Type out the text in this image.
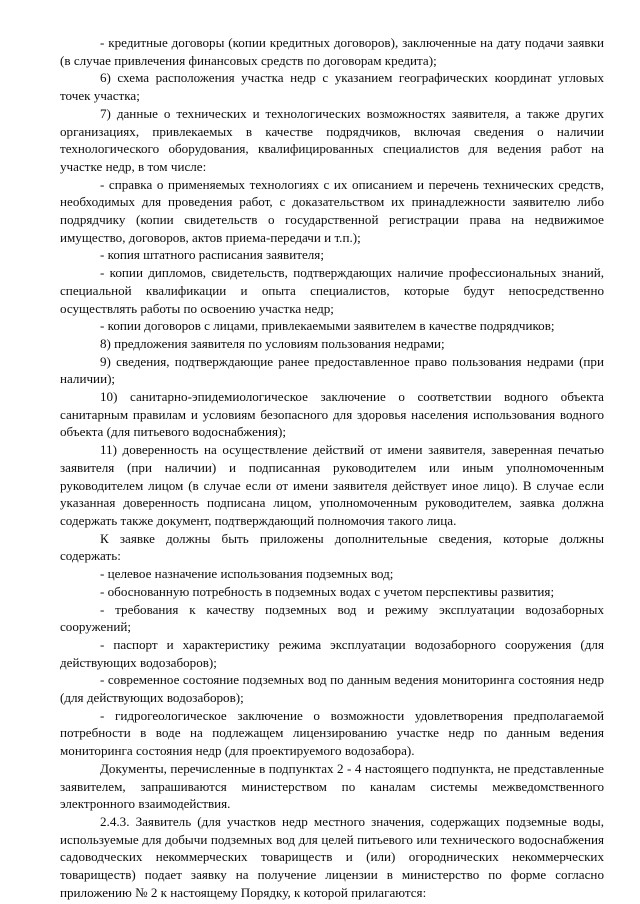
- кредитные договоры (копии кредитных договоров), заключенные на дату подачи заявки (в случае привлечения финансовых средств по договорам кредита);

6) схема расположения участка недр с указанием географических координат угловых точек участка;

7) данные о технических и технологических возможностях заявителя, а также других организациях, привлекаемых в качестве подрядчиков, включая сведения о наличии технологического оборудования, квалифицированных специалистов для ведения работ на участке недр, в том числе:

- справка о применяемых технологиях с их описанием и перечень технических средств, необходимых для проведения работ, с доказательством их принадлежности заявителю либо подрядчику (копии свидетельств о государственной регистрации права на недвижимое имущество, договоров, актов приема-передачи и т.п.);

- копия штатного расписания заявителя;

- копии дипломов, свидетельств, подтверждающих наличие профессиональных знаний, специальной квалификации и опыта специалистов, которые будут непосредственно осуществлять работы по освоению участка недр;

- копии договоров с лицами, привлекаемыми заявителем в качестве подрядчиков;

8) предложения заявителя по условиям пользования недрами;

9) сведения, подтверждающие ранее предоставленное право пользования недрами (при наличии);

10) санитарно-эпидемиологическое заключение о соответствии водного объекта санитарным правилам и условиям безопасного для здоровья населения использования водного объекта (для питьевого водоснабжения);

11) доверенность на осуществление действий от имени заявителя, заверенная печатью заявителя (при наличии) и подписанная руководителем или иным уполномоченным руководителем лицом (в случае если от имени заявителя действует иное лицо). В случае если указанная доверенность подписана лицом, уполномоченным руководителем, заявка должна содержать также документ, подтверждающий полномочия такого лица.

К заявке должны быть приложены дополнительные сведения, которые должны содержать:

- целевое назначение использования подземных вод;

- обоснованную потребность в подземных водах с учетом перспективы развития;

- требования к качеству подземных вод и режиму эксплуатации водозаборных сооружений;

- паспорт и характеристику режима эксплуатации водозаборного сооружения (для действующих водозаборов);

- современное состояние подземных вод по данным ведения мониторинга состояния недр (для действующих водозаборов);

- гидрогеологическое заключение о возможности удовлетворения предполагаемой потребности в воде на подлежащем лицензированию участке недр по данным ведения мониторинга состояния недр (для проектируемого водозабора).

Документы, перечисленные в подпунктах 2 - 4 настоящего подпункта, не представленные заявителем, запрашиваются министерством по каналам системы межведомственного электронного взаимодействия.

2.4.3. Заявитель (для участков недр местного значения, содержащих подземные воды, используемые для добычи подземных вод для целей питьевого или технического водоснабжения садоводческих некоммерческих товариществ и (или) огороднических некоммерческих товариществ) подает заявку на получение лицензии в министерство по форме согласно приложению № 2 к настоящему Порядку, к которой прилагаются:
